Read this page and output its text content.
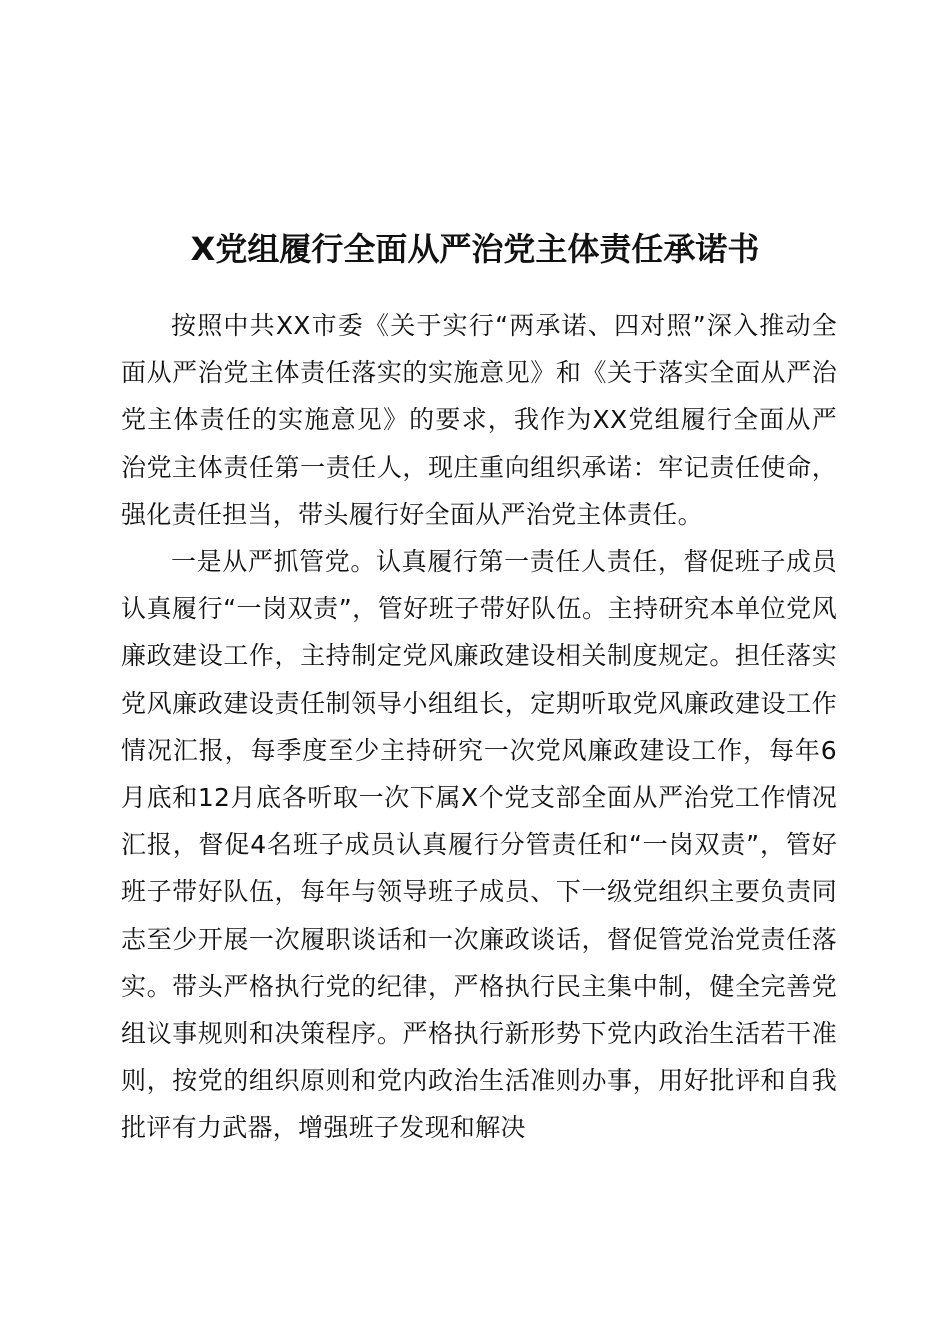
X党组履行全面从严治党主体责任承诺书

按照中共XX市委《关于实行“两承诺、四对照”深入推动全面从严治党主体责任落实的实施意见》和《关于落实全面从严治党主体责任的实施意见》的要求，我作为XX党组履行全面从严治党主体责任第一责任人，现庄重向组织承诺：牢记责任使命，强化责任担当，带头履行好全面从严治党主体责任。

一是从严抓管党。认真履行第一责任人责任，督促班子成员认真履行“一岗双责”，管好班子带好队伍。主持研究本单位党风廉政建设工作，主持制定党风廉政建设相关制度规定。担任落实党风廉政建设责任制领导小组组长，定期听取党风廉政建设工作情况汇报，每季度至少主持研究一次党风廉政建设工作，每年6月底和12月底各听取一次下属X个党支部全面从严治党工作情况汇报，督促4名班子成员认真履行分管责任和“一岗双责”，管好班子带好队伍，每年与领导班子成员、下一级党组织主要负责同志至少开展一次履职谈话和一次廉政谈话，督促管党治党责任落实。带头严格执行党的纪律，严格执行民主集中制，健全完善党组议事规则和决策程序。严格执行新形势下党内政治生活若干准则，按党的组织原则和党内政治生活准则办事，用好批评和自我批评有力武器，增强班子发现和解决
